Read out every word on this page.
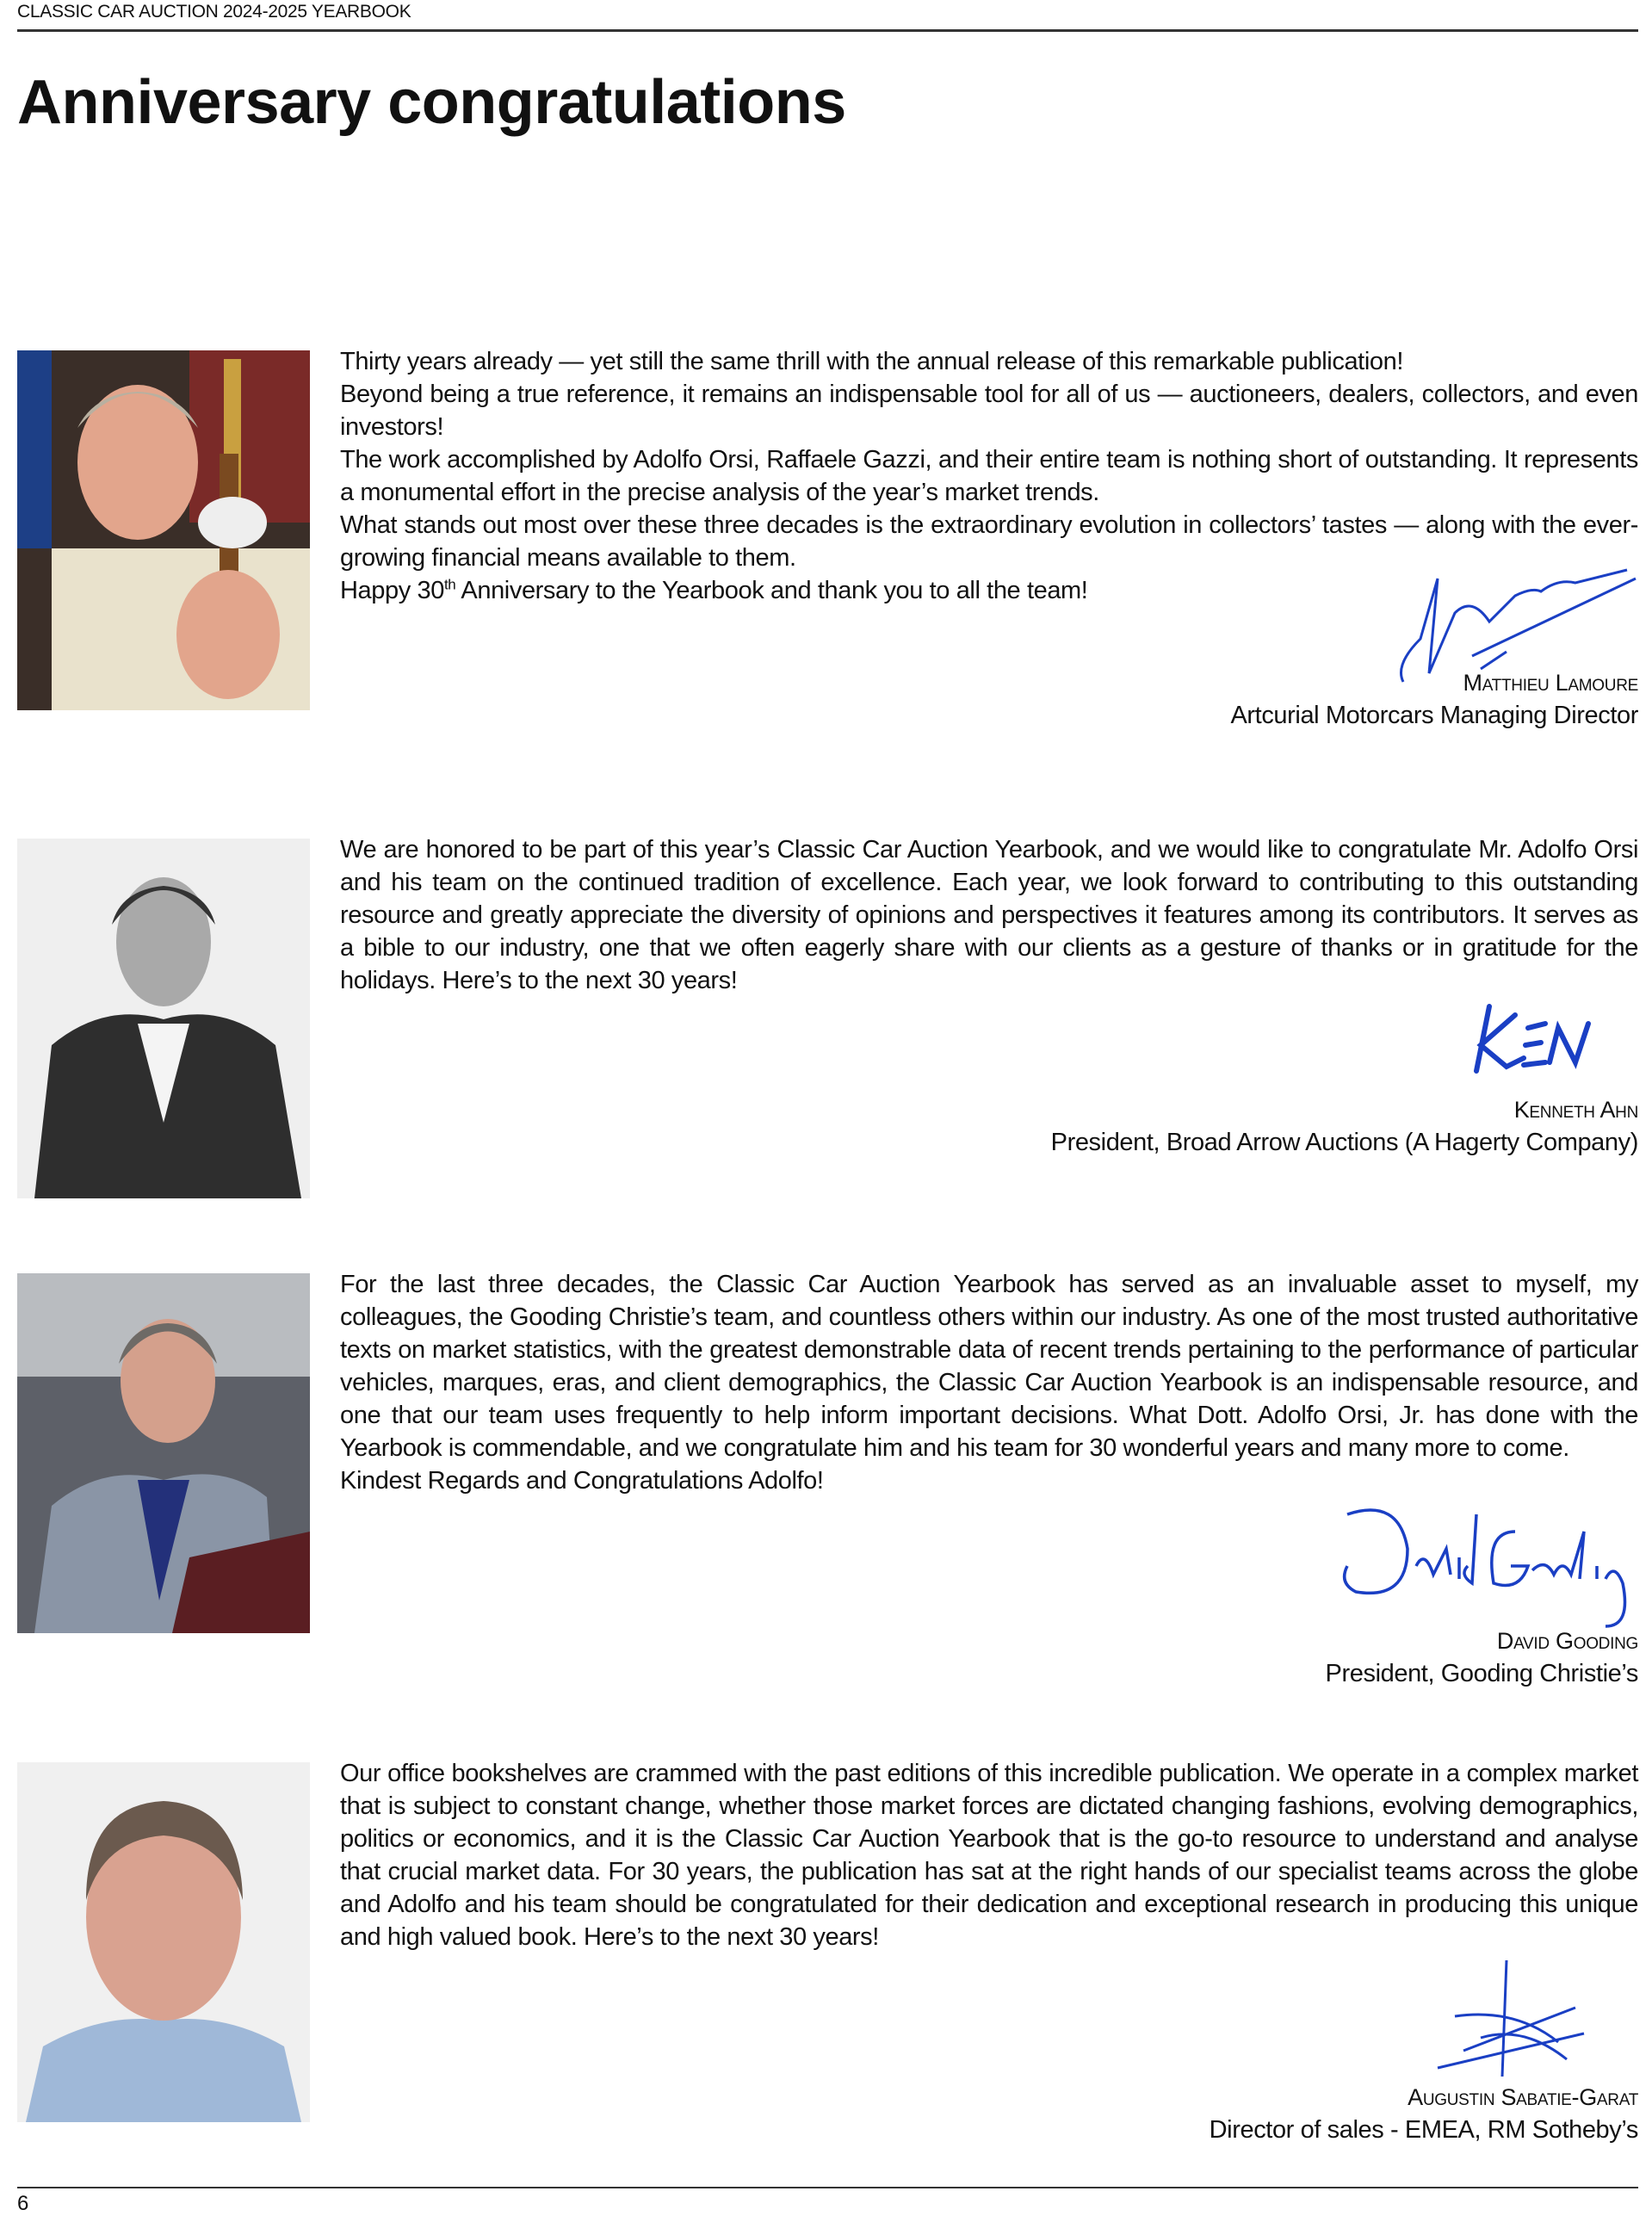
CLASSIC CAR AUCTION 2024-2025 YEARBOOK
Anniversary congratulations

Thirty years already — yet still the same thrill with the annual release of this remarkable publication!

Beyond being a true reference, it remains an indispensable tool for all of us — auctioneers, dealers, collectors, and even investors!

The work accomplished by Adolfo Orsi, Raffaele Gazzi, and their entire team is nothing short of outstanding. It represents a monumental effort in the precise analysis of the year’s market trends.

What stands out most over these three decades is the extraordinary evolution in collectors’ tastes — along with the ever-growing financial means available to them.

Happy 30th Anniversary to the Yearbook and thank you to all the team!

Matthieu Lamoure
Artcurial Motorcars Managing Director

We are honored to be part of this year’s Classic Car Auction Yearbook, and we would like to congratulate Mr. Adolfo Orsi and his team on the continued tradition of excellence. Each year, we look forward to contributing to this outstanding resource and greatly appreciate the diversity of opinions and perspectives it features among its contributors. It serves as a bible to our industry, one that we often eagerly share with our clients as a gesture of thanks or in gratitude for the holidays. Here’s to the next 30 years!

Kenneth Ahn
President, Broad Arrow Auctions (A Hagerty Company)

For the last three decades, the Classic Car Auction Yearbook has served as an invaluable asset to myself, my colleagues, the Gooding Christie’s team, and countless others within our industry. As one of the most trusted authoritative texts on market statistics, with the greatest demonstrable data of recent trends pertaining to the performance of particular vehicles, marques, eras, and client demographics, the Classic Car Auction Yearbook is an indispensable resource, and one that our team uses frequently to help inform important decisions. What Dott. Adolfo Orsi, Jr. has done with the Yearbook is commendable, and we congratulate him and his team for 30 wonderful years and many more to come.

Kindest Regards and Congratulations Adolfo!

David Gooding
President, Gooding Christie’s

Our office bookshelves are crammed with the past editions of this incredible publication. We operate in a complex market that is subject to constant change, whether those market forces are dictated changing fashions, evolving demographics, politics or economics, and it is the Classic Car Auction Yearbook that is the go-to resource to understand and analyse that crucial market data. For 30 years, the publication has sat at the right hands of our specialist teams across the globe and Adolfo and his team should be congratulated for their dedication and exceptional research in producing this unique and high valued book. Here’s to the next 30 years!

Augustin Sabatie-Garat
Director of sales - EMEA, RM Sotheby’s
6
